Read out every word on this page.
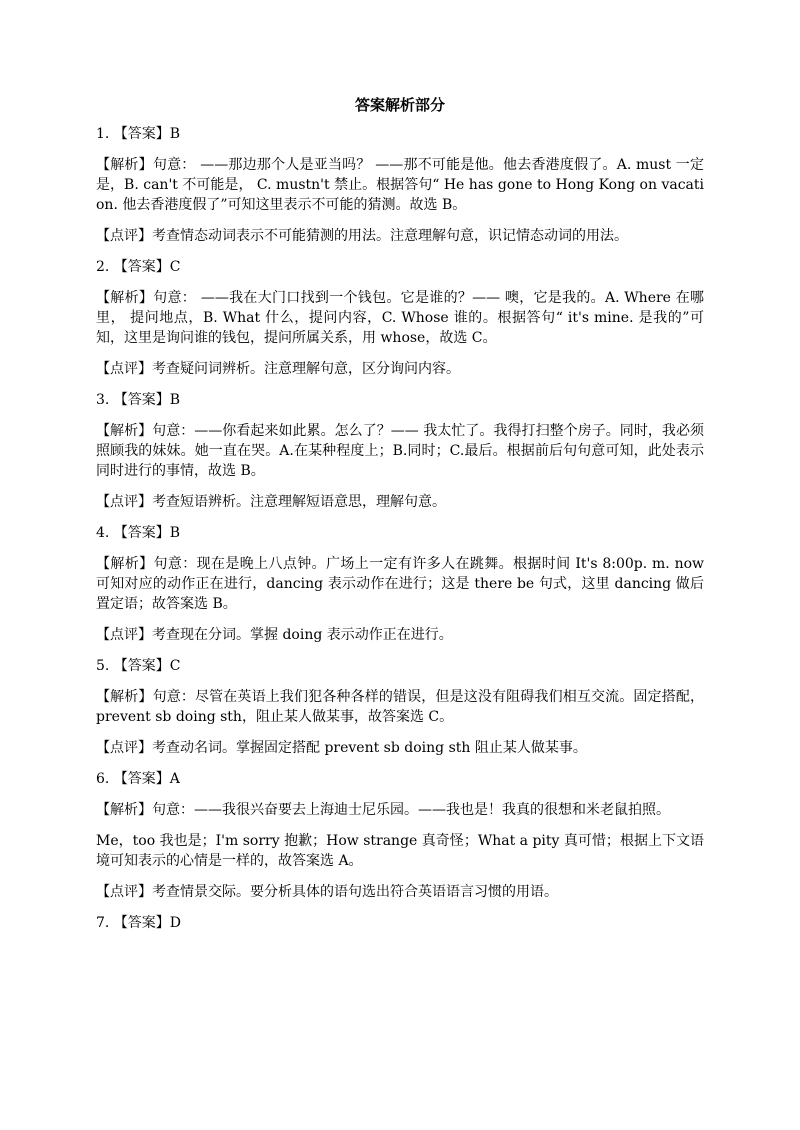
答案解析部分

1. 【答案】B

【解析】句意： ——那边那个人是亚当吗？ ——那不可能是他。他去香港度假了。A. must 一定是，B. can't 不可能是， C. mustn't 禁止。根据答句“ He has gone to Hong Kong on vacation. 他去香港度假了”可知这里表示不可能的猜测。故选 B。

【点评】考查情态动词表示不可能猜测的用法。注意理解句意，识记情态动词的用法。

2. 【答案】C

【解析】句意： ——我在大门口找到一个钱包。它是谁的？—— 噢，它是我的。A. Where 在哪里， 提问地点，B. What 什么，提问内容，C. Whose 谁的。根据答句“ it's mine. 是我的”可知，这里是询问谁的钱包，提问所属关系，用 whose，故选 C。

【点评】考查疑问词辨析。注意理解句意，区分询问内容。

3. 【答案】B

【解析】句意：——你看起来如此累。怎么了？—— 我太忙了。我得打扫整个房子。同时，我必须照顾我的妹妹。她一直在哭。A.在某种程度上；B.同时；C.最后。根据前后句句意可知，此处表示同时进行的事情，故选 B。

【点评】考查短语辨析。注意理解短语意思，理解句意。

4. 【答案】B

【解析】句意：现在是晚上八点钟。广场上一定有许多人在跳舞。根据时间 It's 8:00p. m. now 可知对应的动作正在进行，dancing 表示动作在进行；这是 there be 句式，这里 dancing 做后置定语；故答案选 B。

【点评】考查现在分词。掌握 doing 表示动作正在进行。

5. 【答案】C

【解析】句意：尽管在英语上我们犯各种各样的错误，但是这没有阻碍我们相互交流。固定搭配，prevent sb doing sth，阻止某人做某事，故答案选 C。

【点评】考查动名词。掌握固定搭配 prevent sb doing sth 阻止某人做某事。

6. 【答案】A

【解析】句意：——我很兴奋要去上海迪士尼乐园。——我也是！我真的很想和米老鼠拍照。

Me，too 我也是；I'm sorry 抱歉；How strange 真奇怪；What a pity 真可惜；根据上下文语境可知表示的心情是一样的，故答案选 A。

【点评】考查情景交际。要分析具体的语句选出符合英语语言习惯的用语。

7. 【答案】D
